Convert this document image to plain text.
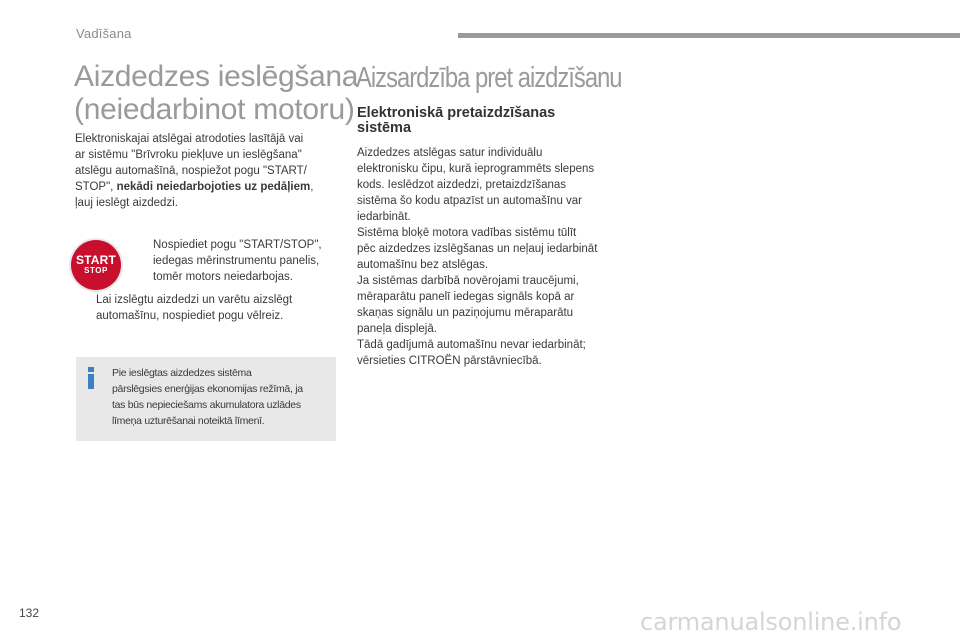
Vadīšana
Aizdedzes ieslēgšana
(neiedarbinot motoru)
Elektroniskajai atslēgai atrodoties lasītājā vai
ar sistēmu "Brīvroku piekļuve un ieslēgšana"
atslēgu automašīnā, nospiežot pogu "START/
STOP", nekādi neiedarbojoties uz pedāļiem,
ļauj ieslēgt aizdedzi.
START
STOP
Nospiediet pogu "START/STOP",
iedegas mērinstrumentu panelis,
tomēr motors neiedarbojas.
Lai izslēgtu aizdedzi un varētu aizslēgt
automašīnu, nospiediet pogu vēlreiz.
Pie ieslēgtas aizdedzes sistēma
pārslēgsies enerģijas ekonomijas režīmā, ja
tas būs nepieciešams akumulatora uzlādes
līmeņa uzturēšanai noteiktā līmenī.
Aizsardzība pret aizdzīšanu
Elektroniskā pretaizdzīšanas
sistēma
Aizdedzes atslēgas satur individuālu
elektronisku čipu, kurā ieprogrammēts slepens
kods. Ieslēdzot aizdedzi, pretaizdzīšanas
sistēma šo kodu atpazīst un automašīnu var
iedarbināt.
Sistēma bloķē motora vadības sistēmu tūlīt
pēc aizdedzes izslēgšanas un neļauj iedarbināt
automašīnu bez atslēgas.
Ja sistēmas darbībā novērojami traucējumi,
mēraparātu panelī iedegas signāls kopā ar
skaņas signālu un paziņojumu mēraparātu
paneļa displejā.
Tādā gadījumā automašīnu nevar iedarbināt;
vērsieties CITROËN pārstāvniecībā.
132	carmanualsonline.info
